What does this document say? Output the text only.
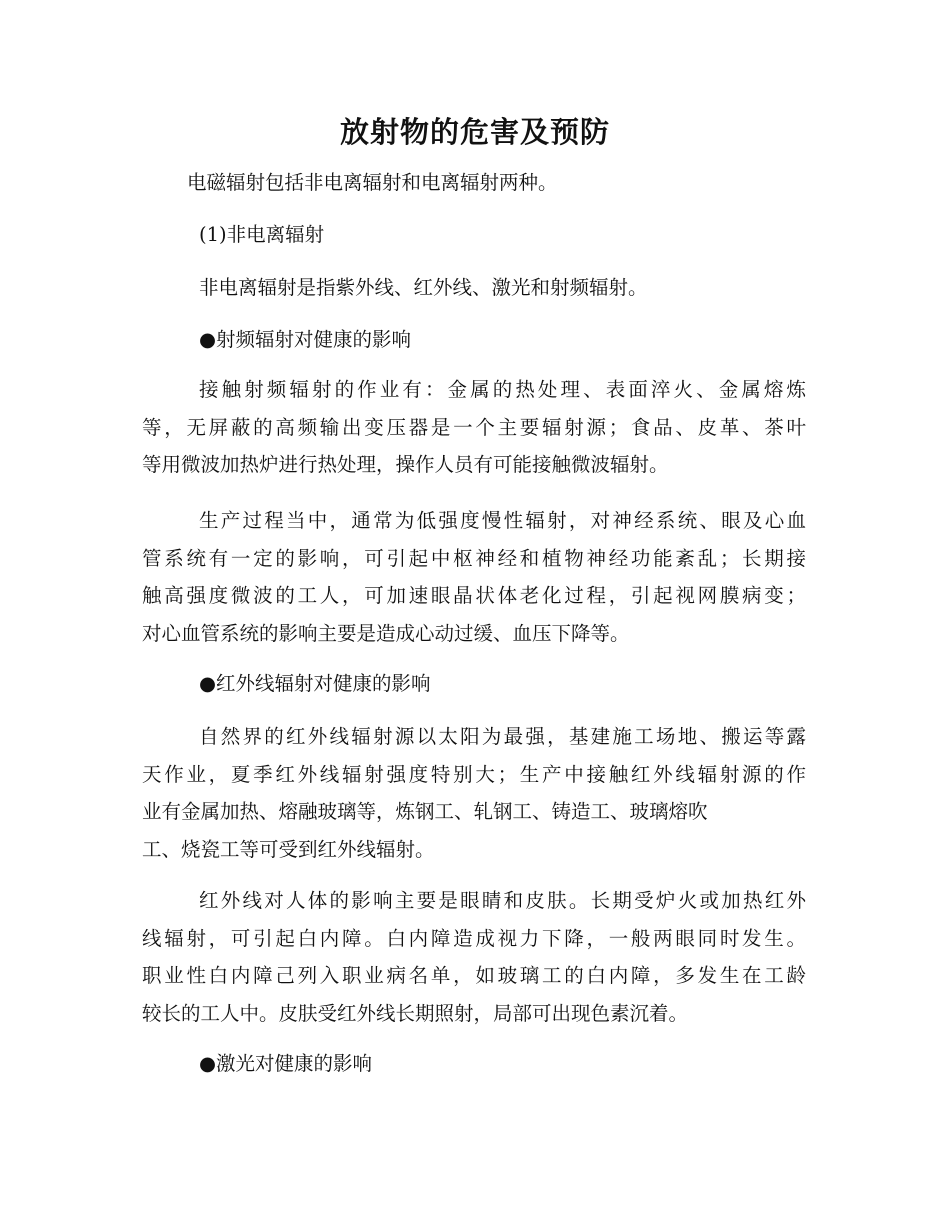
放射物的危害及预防
电磁辐射包括非电离辐射和电离辐射两种。
(1)非电离辐射
非电离辐射是指紫外线、红外线、激光和射频辐射。
●射频辐射对健康的影响
接触射频辐射的作业有：金属的热处理、表面淬火、金属熔炼
等，无屏蔽的高频输出变压器是一个主要辐射源；食品、皮革、茶叶
等用微波加热炉进行热处理，操作人员有可能接触微波辐射。
生产过程当中，通常为低强度慢性辐射，对神经系统、眼及心血
管系统有一定的影响，可引起中枢神经和植物神经功能紊乱；长期接
触高强度微波的工人，可加速眼晶状体老化过程，引起视网膜病变；
对心血管系统的影响主要是造成心动过缓、血压下降等。
●红外线辐射对健康的影响
自然界的红外线辐射源以太阳为最强，基建施工场地、搬运等露
天作业，夏季红外线辐射强度特别大；生产中接触红外线辐射源的作
业有金属加热、熔融玻璃等，炼钢工、轧钢工、铸造工、玻璃熔吹
工、烧瓷工等可受到红外线辐射。
红外线对人体的影响主要是眼睛和皮肤。长期受炉火或加热红外
线辐射，可引起白内障。白内障造成视力下降，一般两眼同时发生。
职业性白内障己列入职业病名单，如玻璃工的白内障，多发生在工龄
较长的工人中。皮肤受红外线长期照射，局部可出现色素沉着。
●激光对健康的影响
